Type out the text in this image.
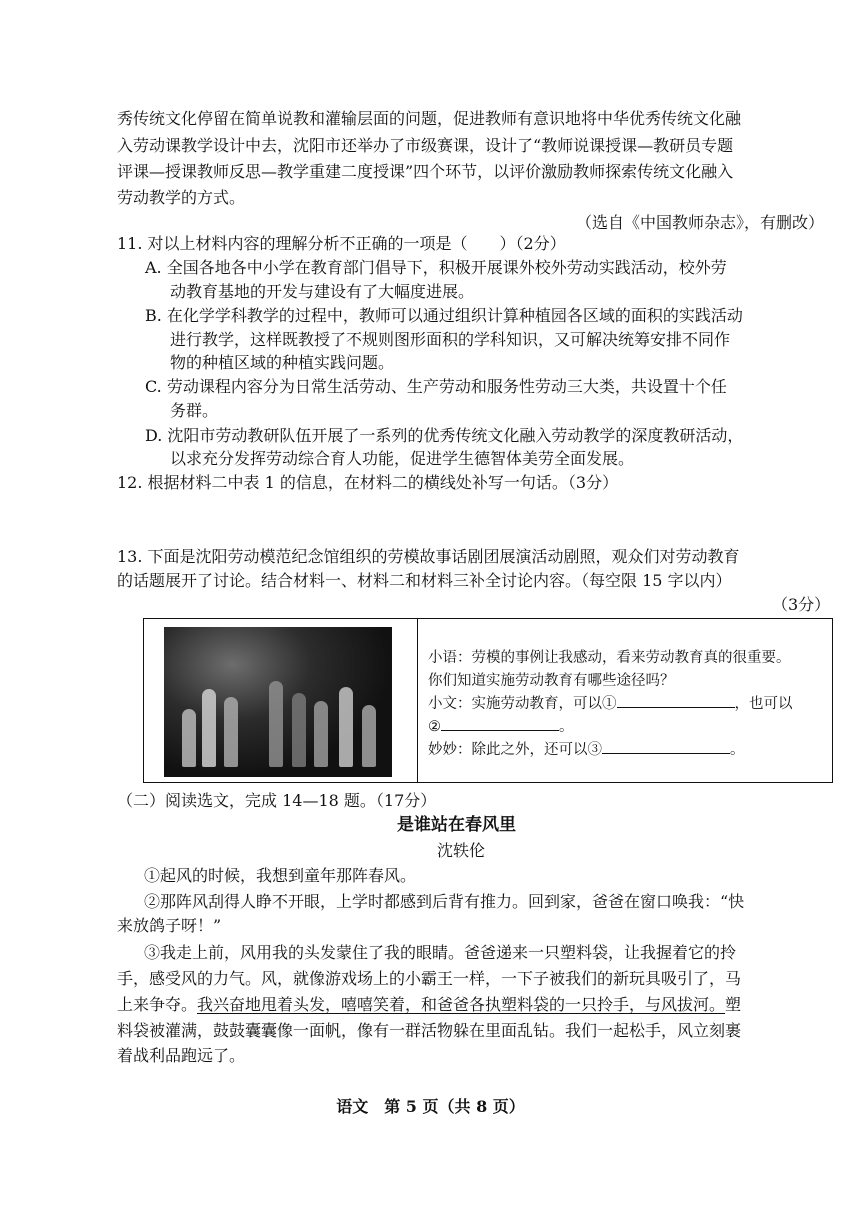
秀传统文化停留在简单说教和灌输层面的问题，促进教师有意识地将中华优秀传统文化融
入劳动课教学设计中去，沈阳市还举办了市级赛课，设计了“教师说课授课—教研员专题
评课—授课教师反思—教学重建二度授课”四个环节，以评价激励教师探索传统文化融入
劳动教学的方式。
（选自《中国教师杂志》，有删改）
11. 对以上材料内容的理解分析不正确的一项是（　　）（2分）
A. 全国各地各中小学在教育部门倡导下，积极开展课外校外劳动实践活动，校外劳
动教育基地的开发与建设有了大幅度进展。
B. 在化学学科教学的过程中，教师可以通过组织计算种植园各区域的面积的实践活动
进行教学，这样既教授了不规则图形面积的学科知识，又可解决统筹安排不同作
物的种植区域的种植实践问题。
C. 劳动课程内容分为日常生活劳动、生产劳动和服务性劳动三大类，共设置十个任
务群。
D. 沈阳市劳动教研队伍开展了一系列的优秀传统文化融入劳动教学的深度教研活动，
以求充分发挥劳动综合育人功能，促进学生德智体美劳全面发展。
12. 根据材料二中表 1 的信息，在材料二的横线处补写一句话。（3分）
13. 下面是沈阳劳动模范纪念馆组织的劳模故事话剧团展演活动剧照，观众们对劳动教育
的话题展开了讨论。结合材料一、材料二和材料三补全讨论内容。（每空限 15 字以内）
（3分）
小语：劳模的事例让我感动，看来劳动教育真的很重要。
你们知道实施劳动教育有哪些途径吗？
小文：实施劳动教育，可以①	，也可以
②	。
妙妙：除此之外，还可以③	。
（二）阅读选文，完成 14—18 题。（17分）
是谁站在春风里
沈轶伦
①起风的时候，我想到童年那阵春风。
②那阵风刮得人睁不开眼，上学时都感到后背有推力。回到家，爸爸在窗口唤我：“快
来放鸽子呀！”
③我走上前，风用我的头发蒙住了我的眼睛。爸爸递来一只塑料袋，让我握着它的拎
手，感受风的力气。风，就像游戏场上的小霸王一样，一下子被我们的新玩具吸引了，马
上来争夺。我兴奋地甩着头发，嘻嘻笑着，和爸爸各执塑料袋的一只拎手，与风拔河。塑
料袋被灌满，鼓鼓囊囊像一面帆，像有一群活物躲在里面乱钻。我们一起松手，风立刻裹
着战利品跑远了。
语文　第 5 页（共 8 页）
